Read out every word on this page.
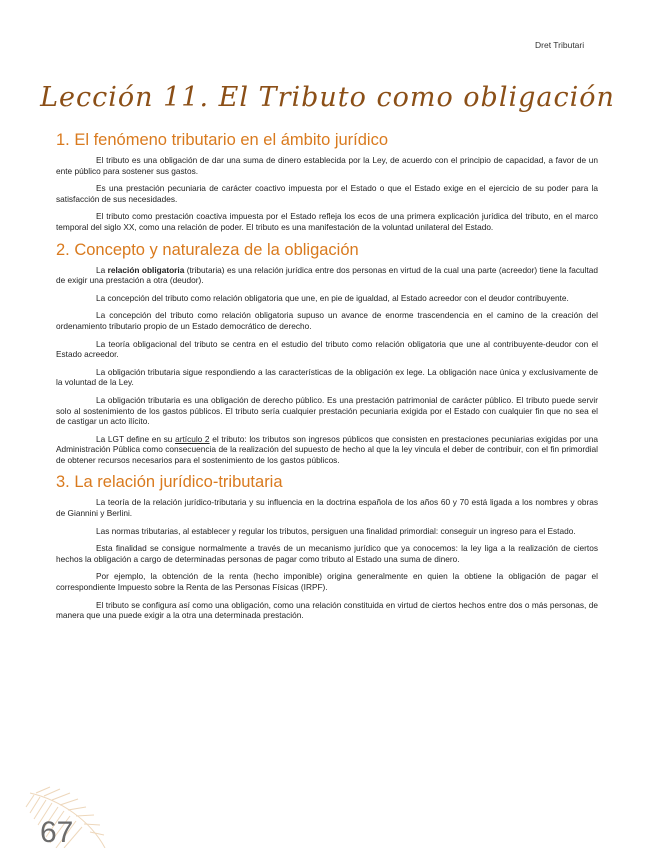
Dret Tributari
Lección 11. El Tributo como obligación
1. El fenómeno tributario en el ámbito jurídico

El tributo es una obligación de dar una suma de dinero establecida por la Ley, de acuerdo con el principio de capacidad, a favor de un ente público para sostener sus gastos.

Es una prestación pecuniaria de carácter coactivo impuesta por el Estado o que el Estado exige en el ejercicio de su poder para la satisfacción de sus necesidades.

El tributo como prestación coactiva impuesta por el Estado refleja los ecos de una primera explicación jurídica del tributo, en el marco temporal del siglo XX, como una relación de poder. El tributo es una manifestación de la voluntad unilateral del Estado.

2. Concepto y naturaleza de la obligación

La relación obligatoria (tributaria) es una relación jurídica entre dos personas en virtud de la cual una parte (acreedor) tiene la facultad de exigir una prestación a otra (deudor).

La concepción del tributo como relación obligatoria que une, en pie de igualdad, al Estado acreedor con el deudor contribuyente.

La concepción del tributo como relación obligatoria supuso un avance de enorme trascendencia en el camino de la creación del ordenamiento tributario propio de un Estado democrático de derecho.

La teoría obligacional del tributo se centra en el estudio del tributo como relación obligatoria que une al contribuyente-deudor con el Estado acreedor.

La obligación tributaria sigue respondiendo a las características de la obligación ex lege. La obligación nace única y exclusivamente de la voluntad de la Ley.

La obligación tributaria es una obligación de derecho público. Es una prestación patrimonial de carácter público. El tributo puede servir solo al sostenimiento de los gastos públicos. El tributo sería cualquier prestación pecuniaria exigida por el Estado con cualquier fin que no sea el de castigar un acto ilícito.

La LGT define en su artículo 2 el tributo: los tributos son ingresos públicos que consisten en prestaciones pecuniarias exigidas por una Administración Pública como consecuencia de la realización del supuesto de hecho al que la ley vincula el deber de contribuir, con el fin primordial de obtener recursos necesarios para el sostenimiento de los gastos públicos.

3. La relación jurídico-tributaria

La teoría de la relación jurídico-tributaria y su influencia en la doctrina española de los años 60 y 70 está ligada a los nombres y obras de Giannini y Berlini.

Las normas tributarias, al establecer y regular los tributos, persiguen una finalidad primordial: conseguir un ingreso para el Estado.

Esta finalidad se consigue normalmente a través de un mecanismo jurídico que ya conocemos: la ley liga a la realización de ciertos hechos la obligación a cargo de determinadas personas de pagar como tributo al Estado una suma de dinero.

Por ejemplo, la obtención de la renta (hecho imponible) origina generalmente en quien la obtiene la obligación de pagar el correspondiente Impuesto sobre la Renta de las Personas Físicas (IRPF).

El tributo se configura así como una obligación, como una relación constituida en virtud de ciertos hechos entre dos o más personas, de manera que una puede exigir a la otra una determinada prestación.

67
